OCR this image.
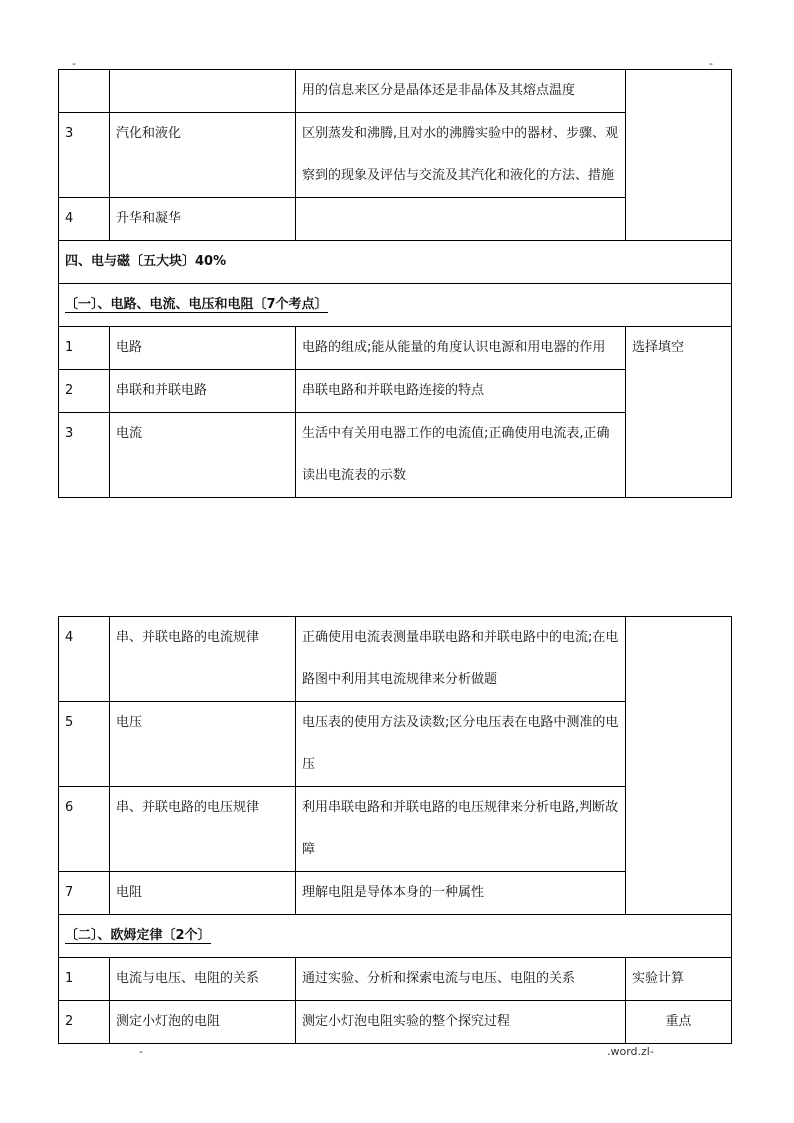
-	-
		用的信息来区分是晶体还是非晶体及其熔点温度	
3	汽化和液化	区别蒸发和沸腾,且对水的沸腾实验中的器材、步骤、观察到的现象及评估与交流及其汽化和液化的方法、措施	
4	升华和凝华		
四、电与磁〔五大块〕40%			
〔一〕、电路、电流、电压和电阻〔7个考点〕			
1	电路	电路的组成;能从能量的角度认识电源和用电器的作用	选择填空
2	串联和并联电路	串联电路和并联电路连接的特点	
3	电流	生活中有关用电器工作的电流值;正确使用电流表,正确读出电流表的示数	
4	串、并联电路的电流规律	正确使用电流表测量串联电路和并联电路中的电流;在电路图中利用其电流规律来分析做题	
5	电压	电压表的使用方法及读数;区分电压表在电路中测准的电压	
6	串、并联电路的电压规律	利用串联电路和并联电路的电压规律来分析电路,判断故障	
7	电阻	理解电阻是导体本身的一种属性	
〔二〕、欧姆定律〔2个〕			
1	电流与电压、电阻的关系	通过实验、分析和探索电流与电压、电阻的关系	实验计算
2	测定小灯泡的电阻	测定小灯泡电阻实验的整个探究过程	重点
-	.word.zl-
